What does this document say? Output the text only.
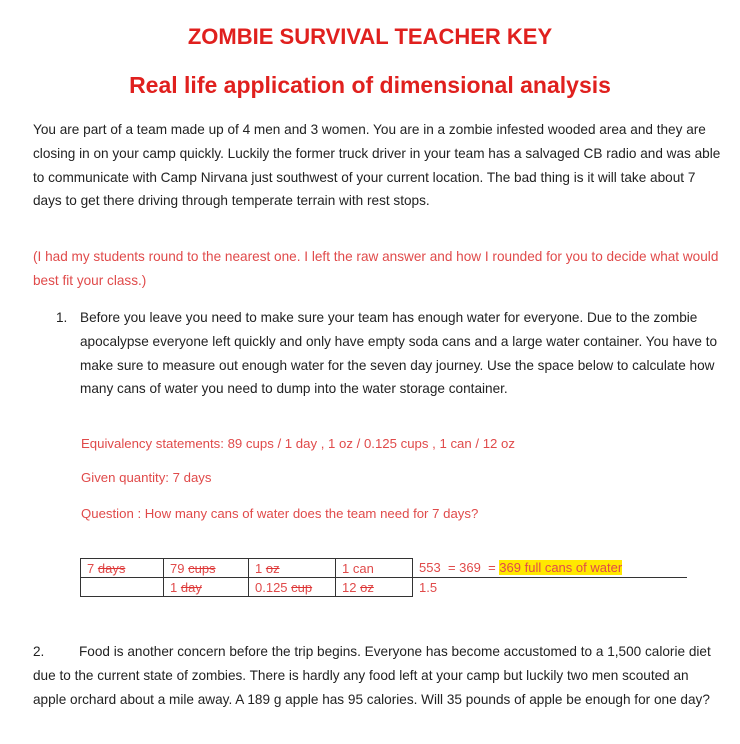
ZOMBIE SURVIVAL TEACHER KEY
Real life application of dimensional analysis

You are part of a team made up of 4 men and 3 women. You are in a zombie infested wooded area and they are closing in on your camp quickly. Luckily the former truck driver in your team has a salvaged CB radio and was able to communicate with Camp Nirvana just southwest of your current location. The bad thing is it will take about 7 days to get there driving through temperate terrain with rest stops.

(I had my students round to the nearest one. I left the raw answer and how I rounded for you to decide what would best fit your class.)

1. Before you leave you need to make sure your team has enough water for everyone. Due to the zombie apocalypse everyone left quickly and only have empty soda cans and a large water container. You have to make sure to measure out enough water for the seven day journey. Use the space below to calculate how many cans of water you need to dump into the water storage container.

Equivalency statements: 89 cups / 1 day , 1 oz / 0.125 cups , 1 can / 12 oz

Given quantity: 7 days

Question : How many cans of water does the team need for 7 days?

7 days	79 cups	1 oz	1 can	553 = 369 = 369 full cans of water
	1 day	0.125 cup	12 oz	1.5

2.	Food is another concern before the trip begins. Everyone has become accustomed to a 1,500 calorie diet due to the current state of zombies. There is hardly any food left at your camp but luckily two men scouted an apple orchard about a mile away. A 189 g apple has 95 calories. Will 35 pounds of apple be enough for one day?
